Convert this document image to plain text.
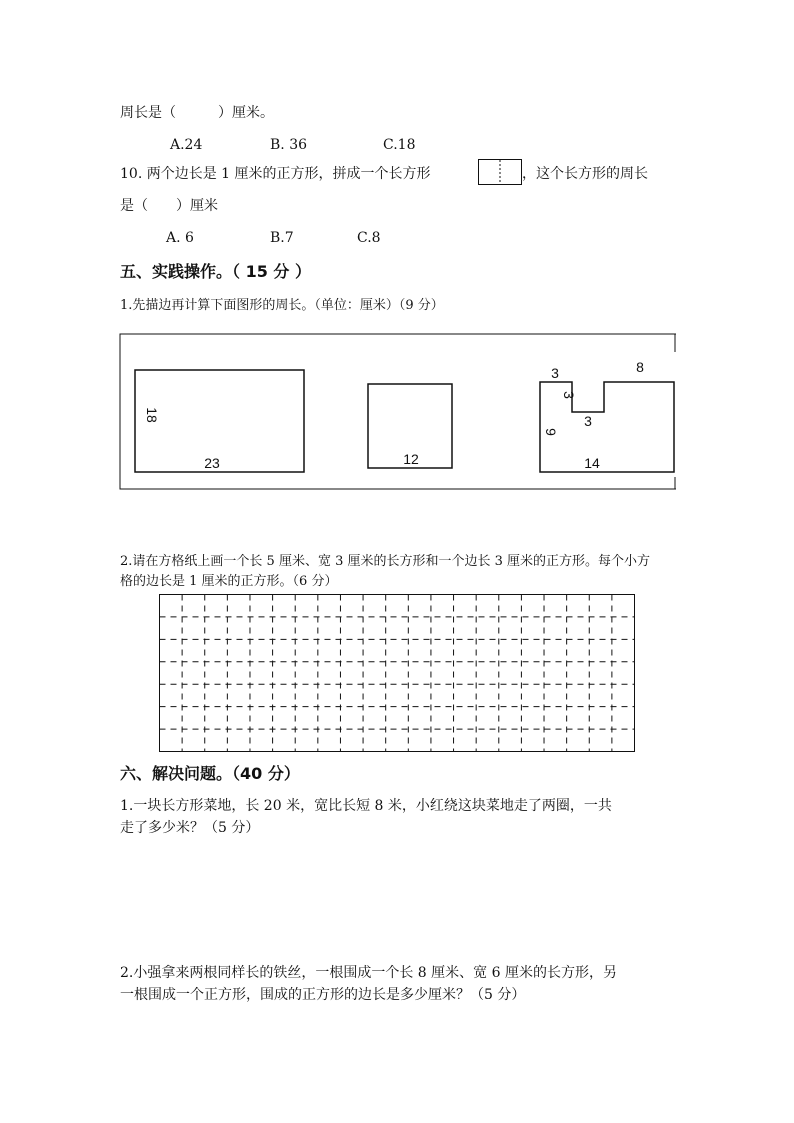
周长是（　　　）厘米。
A.24	B. 36	C.18
10. 两个边长是 1 厘米的正方形，拼成一个长方形	，这个长方形的周长
是（　　）厘米
A. 6	B.7	C.8
五、实践操作。（ 15 分 ）
1.先描边再计算下面图形的周长。（单位：厘米）（9 分）
18
23	12
3
3
3
8
9
14
2.请在方格纸上画一个长 5 厘米、宽 3 厘米的长方形和一个边长 3 厘米的正方形。每个小方
格的边长是 1 厘米的正方形。（6 分）
六、解决问题。（40 分）
1.一块长方形菜地，长 20 米，宽比长短 8 米，小红绕这块菜地走了两圈，一共
走了多少米？（5 分）
2.小强拿来两根同样长的铁丝，一根围成一个长 8 厘米、宽 6 厘米的长方形，另
一根围成一个正方形，围成的正方形的边长是多少厘米？（5 分）
